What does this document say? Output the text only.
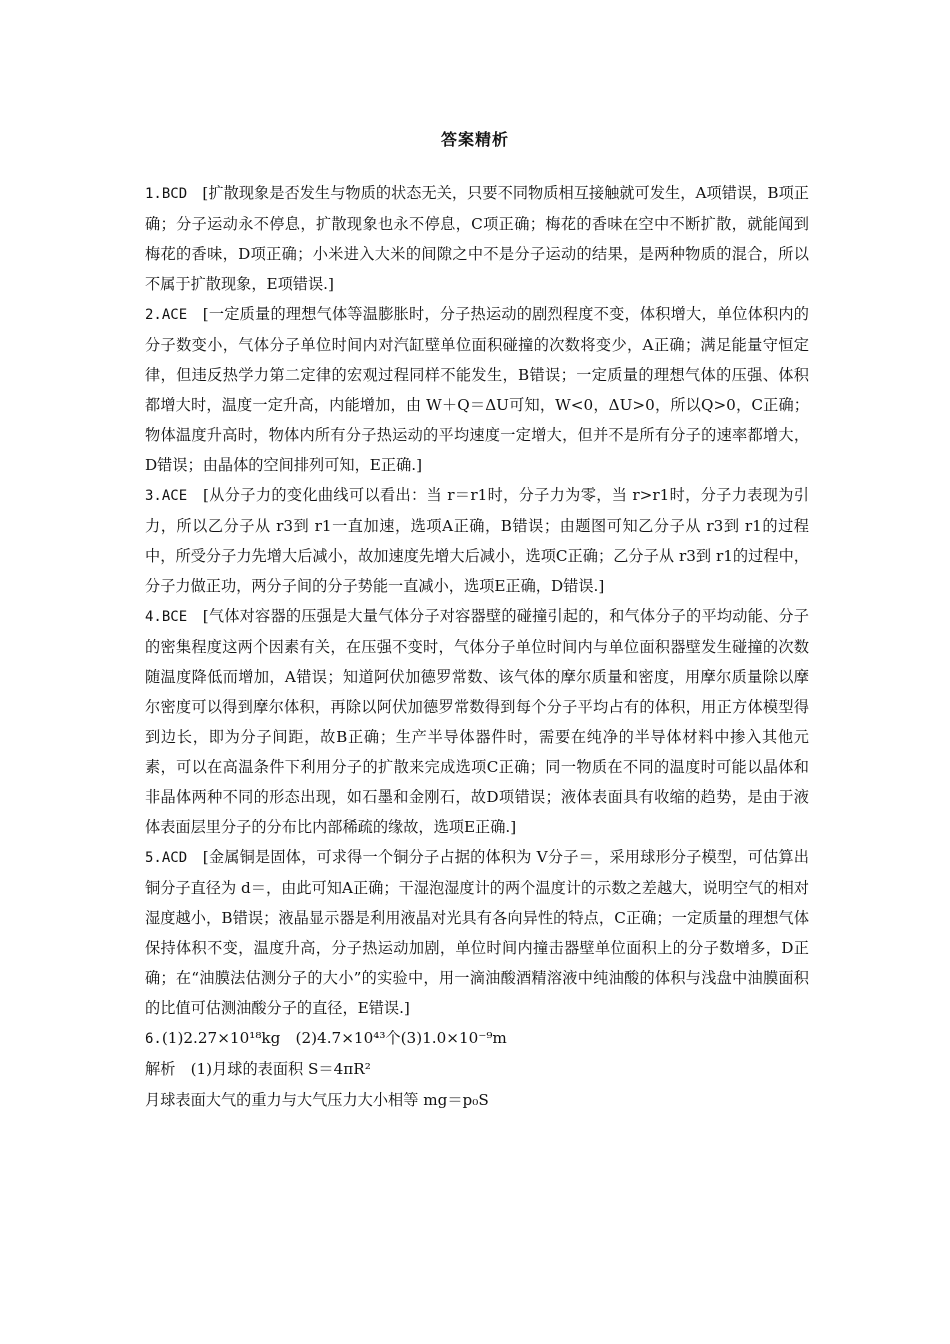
答案精析

1.BCD　[扩散现象是否发生与物质的状态无关，只要不同物质相互接触就可发生，A项错误，B项正确；分子运动永不停息，扩散现象也永不停息，C项正确；梅花的香味在空中不断扩散，就能闻到梅花的香味，D项正确；小米进入大米的间隙之中不是分子运动的结果，是两种物质的混合，所以不属于扩散现象，E项错误.]

2.ACE　[一定质量的理想气体等温膨胀时，分子热运动的剧烈程度不变，体积增大，单位体积内的分子数变小，气体分子单位时间内对汽缸壁单位面积碰撞的次数将变少，A正确；满足能量守恒定律，但违反热学力第二定律的宏观过程同样不能发生，B错误；一定质量的理想气体的压强、体积都增大时，温度一定升高，内能增加，由 W＋Q＝ΔU可知，W<0，ΔU>0，所以Q>0，C正确；物体温度升高时，物体内所有分子热运动的平均速度一定增大，但并不是所有分子的速率都增大，D错误；由晶体的空间排列可知，E正确.]

3.ACE　[从分子力的变化曲线可以看出：当 r＝r1时，分子力为零，当 r>r1时，分子力表现为引力，所以乙分子从 r3到 r1一直加速，选项A正确，B错误；由题图可知乙分子从 r3到 r1的过程中，所受分子力先增大后减小，故加速度先增大后减小，选项C正确；乙分子从 r3到 r1的过程中，分子力做正功，两分子间的分子势能一直减小，选项E正确，D错误.]

4.BCE　[气体对容器的压强是大量气体分子对容器壁的碰撞引起的，和气体分子的平均动能、分子的密集程度这两个因素有关，在压强不变时，气体分子单位时间内与单位面积器壁发生碰撞的次数随温度降低而增加，A错误；知道阿伏加德罗常数、该气体的摩尔质量和密度，用摩尔质量除以摩尔密度可以得到摩尔体积，再除以阿伏加德罗常数得到每个分子平均占有的体积，用正方体模型得到边长，即为分子间距，故B正确；生产半导体器件时，需要在纯净的半导体材料中掺入其他元素，可以在高温条件下利用分子的扩散来完成选项C正确；同一物质在不同的温度时可能以晶体和非晶体两种不同的形态出现，如石墨和金刚石，故D项错误；液体表面具有收缩的趋势，是由于液体表面层里分子的分布比内部稀疏的缘故，选项E正确.]

5.ACD　[金属铜是固体，可求得一个铜分子占据的体积为 V分子＝，采用球形分子模型，可估算出铜分子直径为 d＝，由此可知A正确；干湿泡湿度计的两个温度计的示数之差越大，说明空气的相对湿度越小，B错误；液晶显示器是利用液晶对光具有各向异性的特点，C正确；一定质量的理想气体保持体积不变，温度升高，分子热运动加剧，单位时间内撞击器壁单位面积上的分子数增多，D正确；在“油膜法估测分子的大小”的实验中，用一滴油酸酒精溶液中纯油酸的体积与浅盘中油膜面积的比值可估测油酸分子的直径，E错误.]

6.(1)2.27×10¹⁸kg　(2)4.7×10⁴³个(3)1.0×10⁻⁹m

解析　(1)月球的表面积 S＝4πR²

月球表面大气的重力与大气压力大小相等 mg＝p₀S
